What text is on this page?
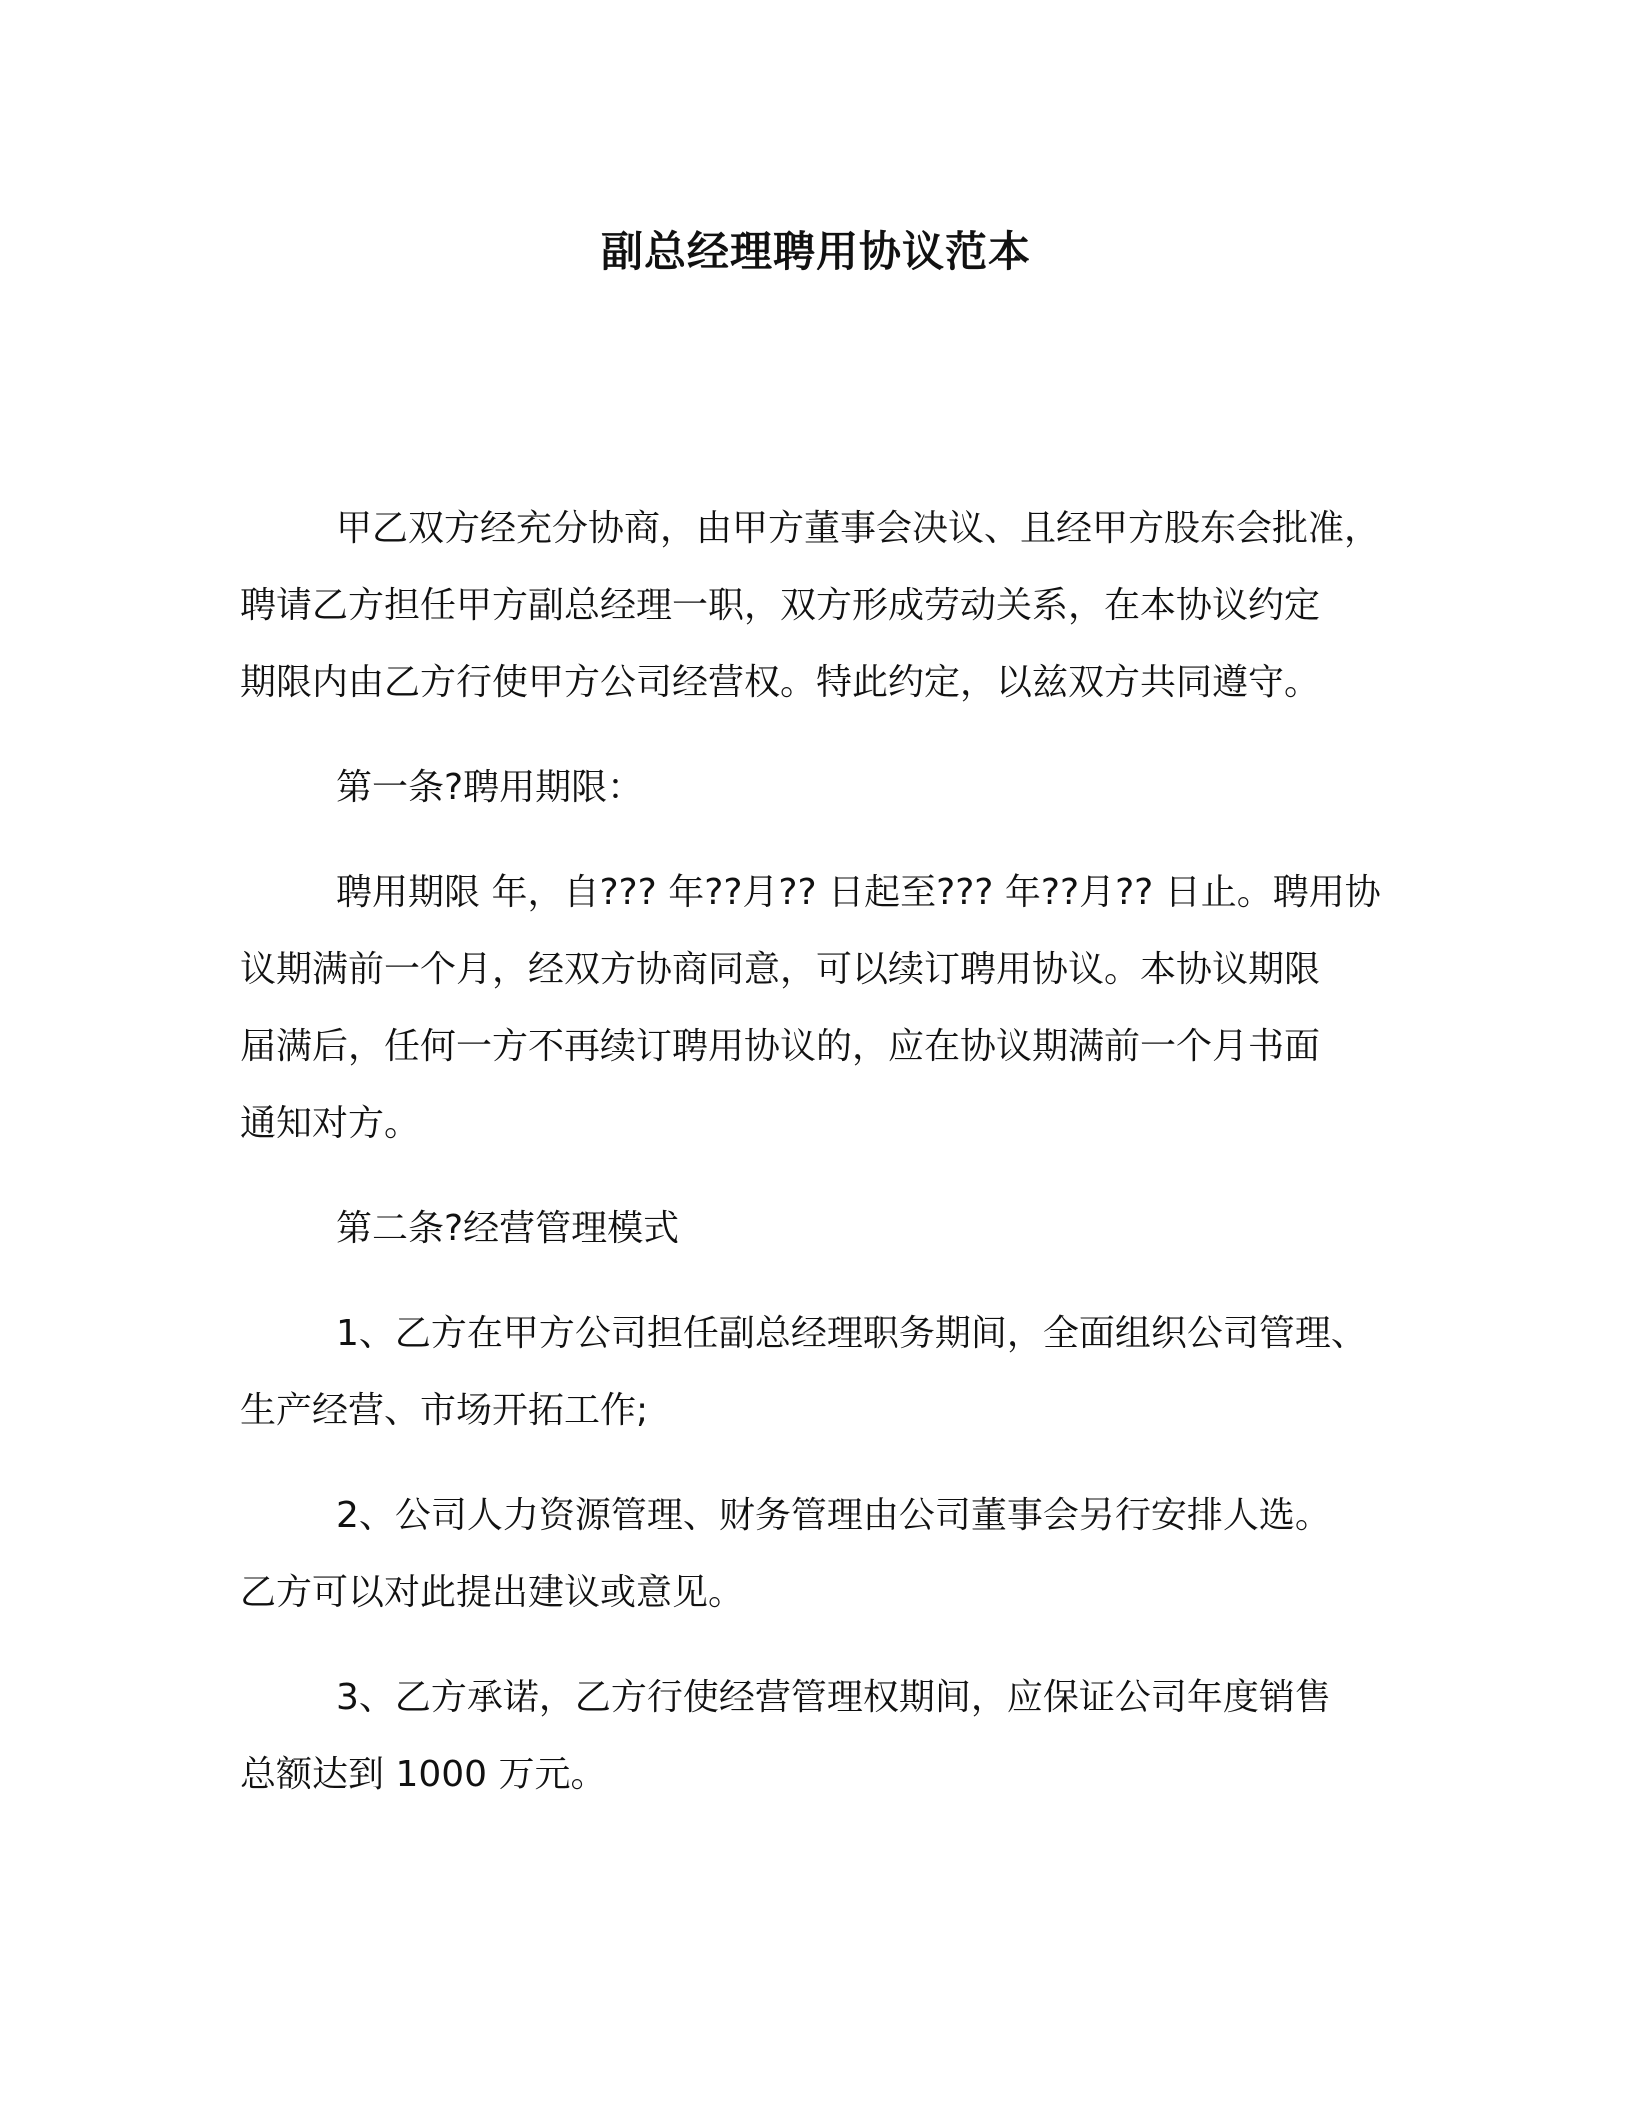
副总经理聘用协议范本

甲乙双方经充分协商，由甲方董事会决议、且经甲方股东会批准，
聘请乙方担任甲方副总经理一职，双方形成劳动关系，在本协议约定
期限内由乙方行使甲方公司经营权。特此约定，以兹双方共同遵守。

第一条?聘用期限：

聘用期限 年，自??? 年??月?? 日起至??? 年??月?? 日止。聘用协
议期满前一个月，经双方协商同意，可以续订聘用协议。本协议期限
届满后，任何一方不再续订聘用协议的，应在协议期满前一个月书面
通知对方。

第二条?经营管理模式

1、乙方在甲方公司担任副总经理职务期间，全面组织公司管理、
生产经营、市场开拓工作;

2、公司人力资源管理、财务管理由公司董事会另行安排人选。
乙方可以对此提出建议或意见。

3、乙方承诺，乙方行使经营管理权期间，应保证公司年度销售
总额达到 1000 万元。
